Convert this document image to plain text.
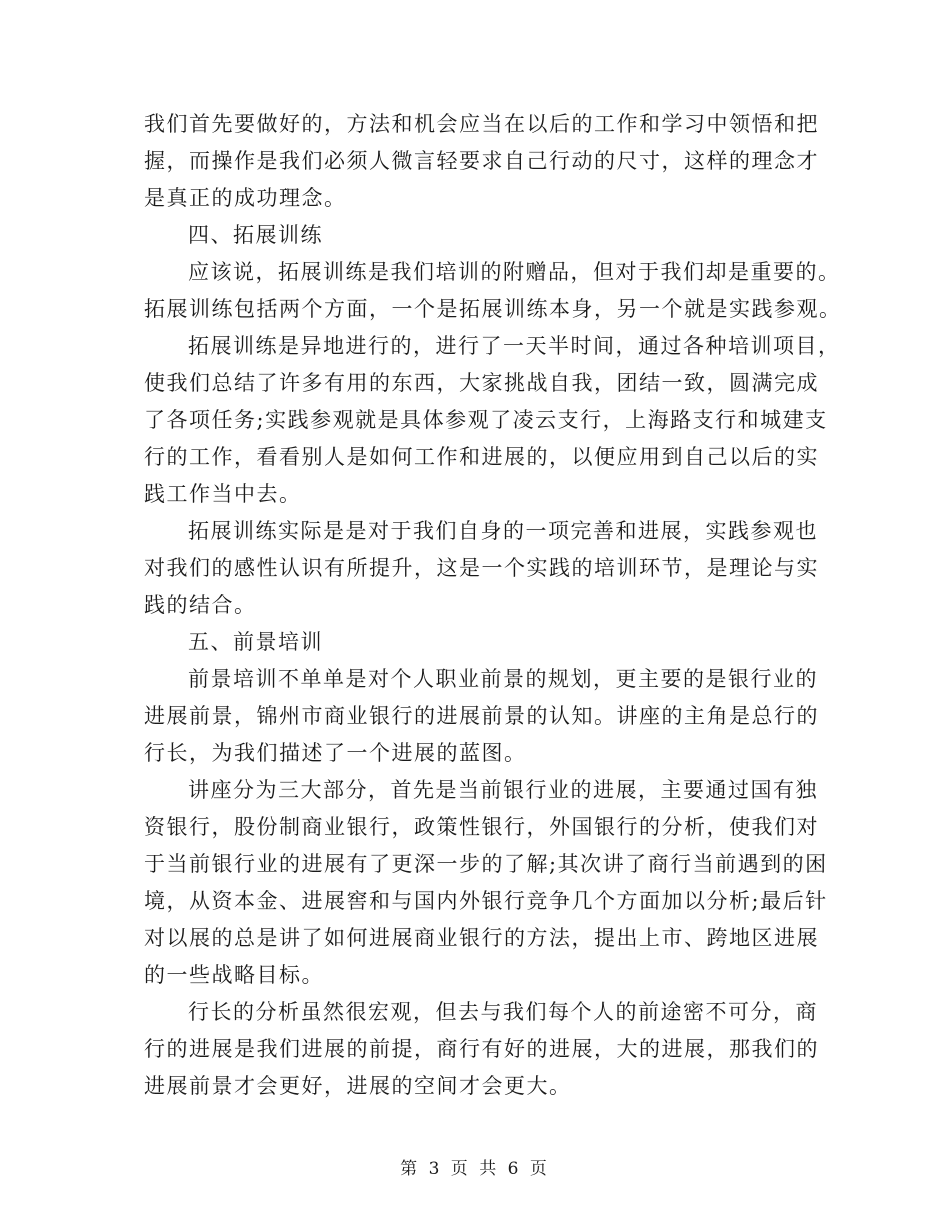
我们首先要做好的，方法和机会应当在以后的工作和学习中领悟和把
握，而操作是我们必须人微言轻要求自己行动的尺寸，这样的理念才
是真正的成功理念。
四、拓展训练
应该说，拓展训练是我们培训的附赠品，但对于我们却是重要的。
拓展训练包括两个方面，一个是拓展训练本身，另一个就是实践参观。
拓展训练是异地进行的，进行了一天半时间，通过各种培训项目，
使我们总结了许多有用的东西，大家挑战自我，团结一致，圆满完成
了各项任务;实践参观就是具体参观了凌云支行，上海路支行和城建支
行的工作，看看别人是如何工作和进展的，以便应用到自己以后的实
践工作当中去。
拓展训练实际是是对于我们自身的一项完善和进展，实践参观也
对我们的感性认识有所提升，这是一个实践的培训环节，是理论与实
践的结合。
五、前景培训
前景培训不单单是对个人职业前景的规划，更主要的是银行业的
进展前景，锦州市商业银行的进展前景的认知。讲座的主角是总行的
行长，为我们描述了一个进展的蓝图。
讲座分为三大部分，首先是当前银行业的进展，主要通过国有独
资银行，股份制商业银行，政策性银行，外国银行的分析，使我们对
于当前银行业的进展有了更深一步的了解;其次讲了商行当前遇到的困
境，从资本金、进展窖和与国内外银行竞争几个方面加以分析;最后针
对以展的总是讲了如何进展商业银行的方法，提出上市、跨地区进展
的一些战略目标。
行长的分析虽然很宏观，但去与我们每个人的前途密不可分，商
行的进展是我们进展的前提，商行有好的进展，大的进展，那我们的
进展前景才会更好，进展的空间才会更大。
第 3 页 共 6 页
